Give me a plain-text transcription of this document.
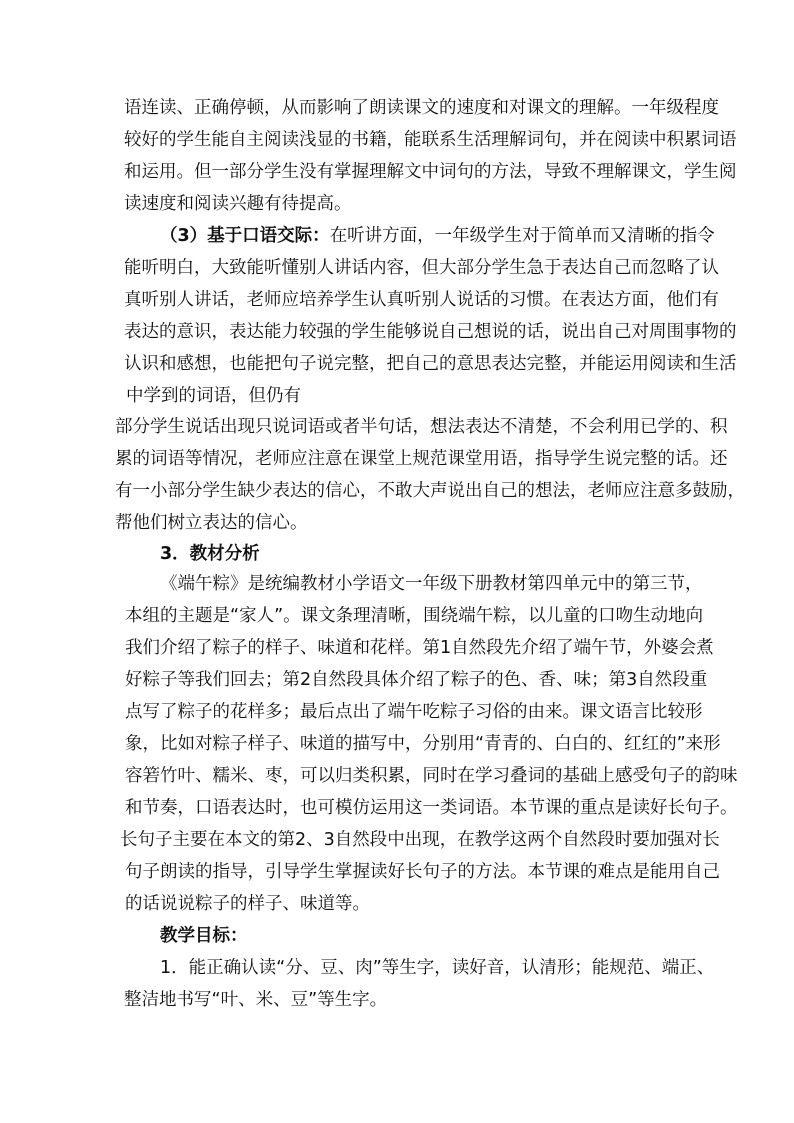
语连读、正确停顿，从而影响了朗读课文的速度和对课文的理解。一年级程度
较好的学生能自主阅读浅显的书籍，能联系生活理解词句，并在阅读中积累词语
和运用。但一部分学生没有掌握理解文中词句的方法，导致不理解课文，学生阅
读速度和阅读兴趣有待提高。
（3）基于口语交际：在听讲方面，一年级学生对于简单而又清晰的指令
能听明白，大致能听懂别人讲话内容，但大部分学生急于表达自己而忽略了认
真听别人讲话，老师应培养学生认真听别人说话的习惯。在表达方面，他们有
表达的意识，表达能力较强的学生能够说自己想说的话，说出自己对周围事物的
认识和感想，也能把句子说完整，把自己的意思表达完整，并能运用阅读和生活
中学到的词语，但仍有
部分学生说话出现只说词语或者半句话，想法表达不清楚，不会利用已学的、积
累的词语等情况，老师应注意在课堂上规范课堂用语，指导学生说完整的话。还
有一小部分学生缺少表达的信心，不敢大声说出自己的想法，老师应注意多鼓励，
帮他们树立表达的信心。
3．教材分析
《端午粽》是统编教材小学语文一年级下册教材第四单元中的第三节，
本组的主题是“家人”。课文条理清晰，围绕端午粽，以儿童的口吻生动地向
我们介绍了粽子的样子、味道和花样。第1自然段先介绍了端午节，外婆会煮
好粽子等我们回去；第2自然段具体介绍了粽子的色、香、味；第3自然段重
点写了粽子的花样多；最后点出了端午吃粽子习俗的由来。课文语言比较形
象，比如对粽子样子、味道的描写中，分别用“青青的、白白的、红红的”来形
容箬竹叶、糯米、枣，可以归类积累，同时在学习叠词的基础上感受句子的韵味
和节奏，口语表达时，也可模仿运用这一类词语。本节课的重点是读好长句子。
长句子主要在本文的第2、3自然段中出现，在教学这两个自然段时要加强对长
句子朗读的指导，引导学生掌握读好长句子的方法。本节课的难点是能用自己
的话说说粽子的样子、味道等。
教学目标：
1．能正确认读“分、豆、肉”等生字，读好音，认清形；能规范、端正、
整洁地书写“叶、米、豆”等生字。
